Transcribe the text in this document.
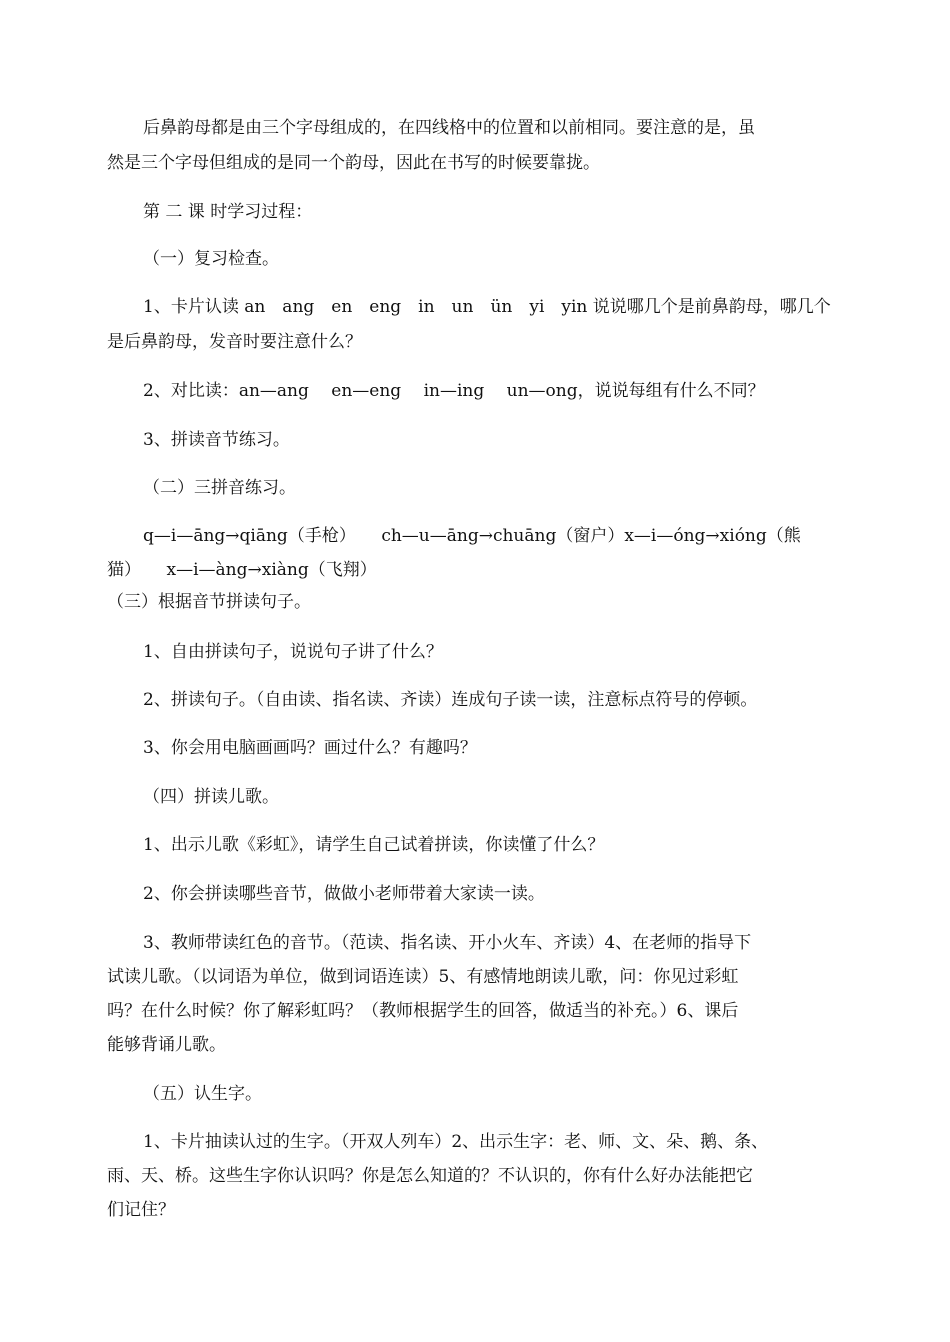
后鼻韵母都是由三个字母组成的，在四线格中的位置和以前相同。要注意的是，虽
然是三个字母但组成的是同一个韵母，因此在书写的时候要靠拢。
第 二 课 时学习过程：
（一）复习检查。
1、卡片认读 an　ang　en　eng　in　un　ün　yi　yin 说说哪几个是前鼻韵母，哪几个
是后鼻韵母，发音时要注意什么？
2、对比读：an—ang　 en—eng　 in—ing　 un—ong，说说每组有什么不同？
3、拼读音节练习。
（二）三拼音练习。
q—i—āng→qiāng（手枪）　　ch—u—āng→chuāng（窗户）x—i—óng→xióng（熊
猫）　　x—i—àng→xiàng（飞翔）
（三）根据音节拼读句子。
1、自由拼读句子，说说句子讲了什么？
2、拼读句子。（自由读、指名读、齐读）连成句子读一读，注意标点符号的停顿。
3、你会用电脑画画吗？画过什么？有趣吗？
（四）拼读儿歌。
1、出示儿歌《彩虹》，请学生自己试着拼读，你读懂了什么？
2、你会拼读哪些音节，做做小老师带着大家读一读。
3、教师带读红色的音节。（范读、指名读、开小火车、齐读）4、在老师的指导下
试读儿歌。（以词语为单位，做到词语连读）5、有感情地朗读儿歌，问：你见过彩虹
吗？在什么时候？你了解彩虹吗？（教师根据学生的回答，做适当的补充。）6、课后
能够背诵儿歌。
（五）认生字。
1、卡片抽读认过的生字。（开双人列车）2、出示生字：老、师、文、朵、鹅、条、
雨、天、桥。这些生字你认识吗？你是怎么知道的？不认识的，你有什么好办法能把它
们记住？
